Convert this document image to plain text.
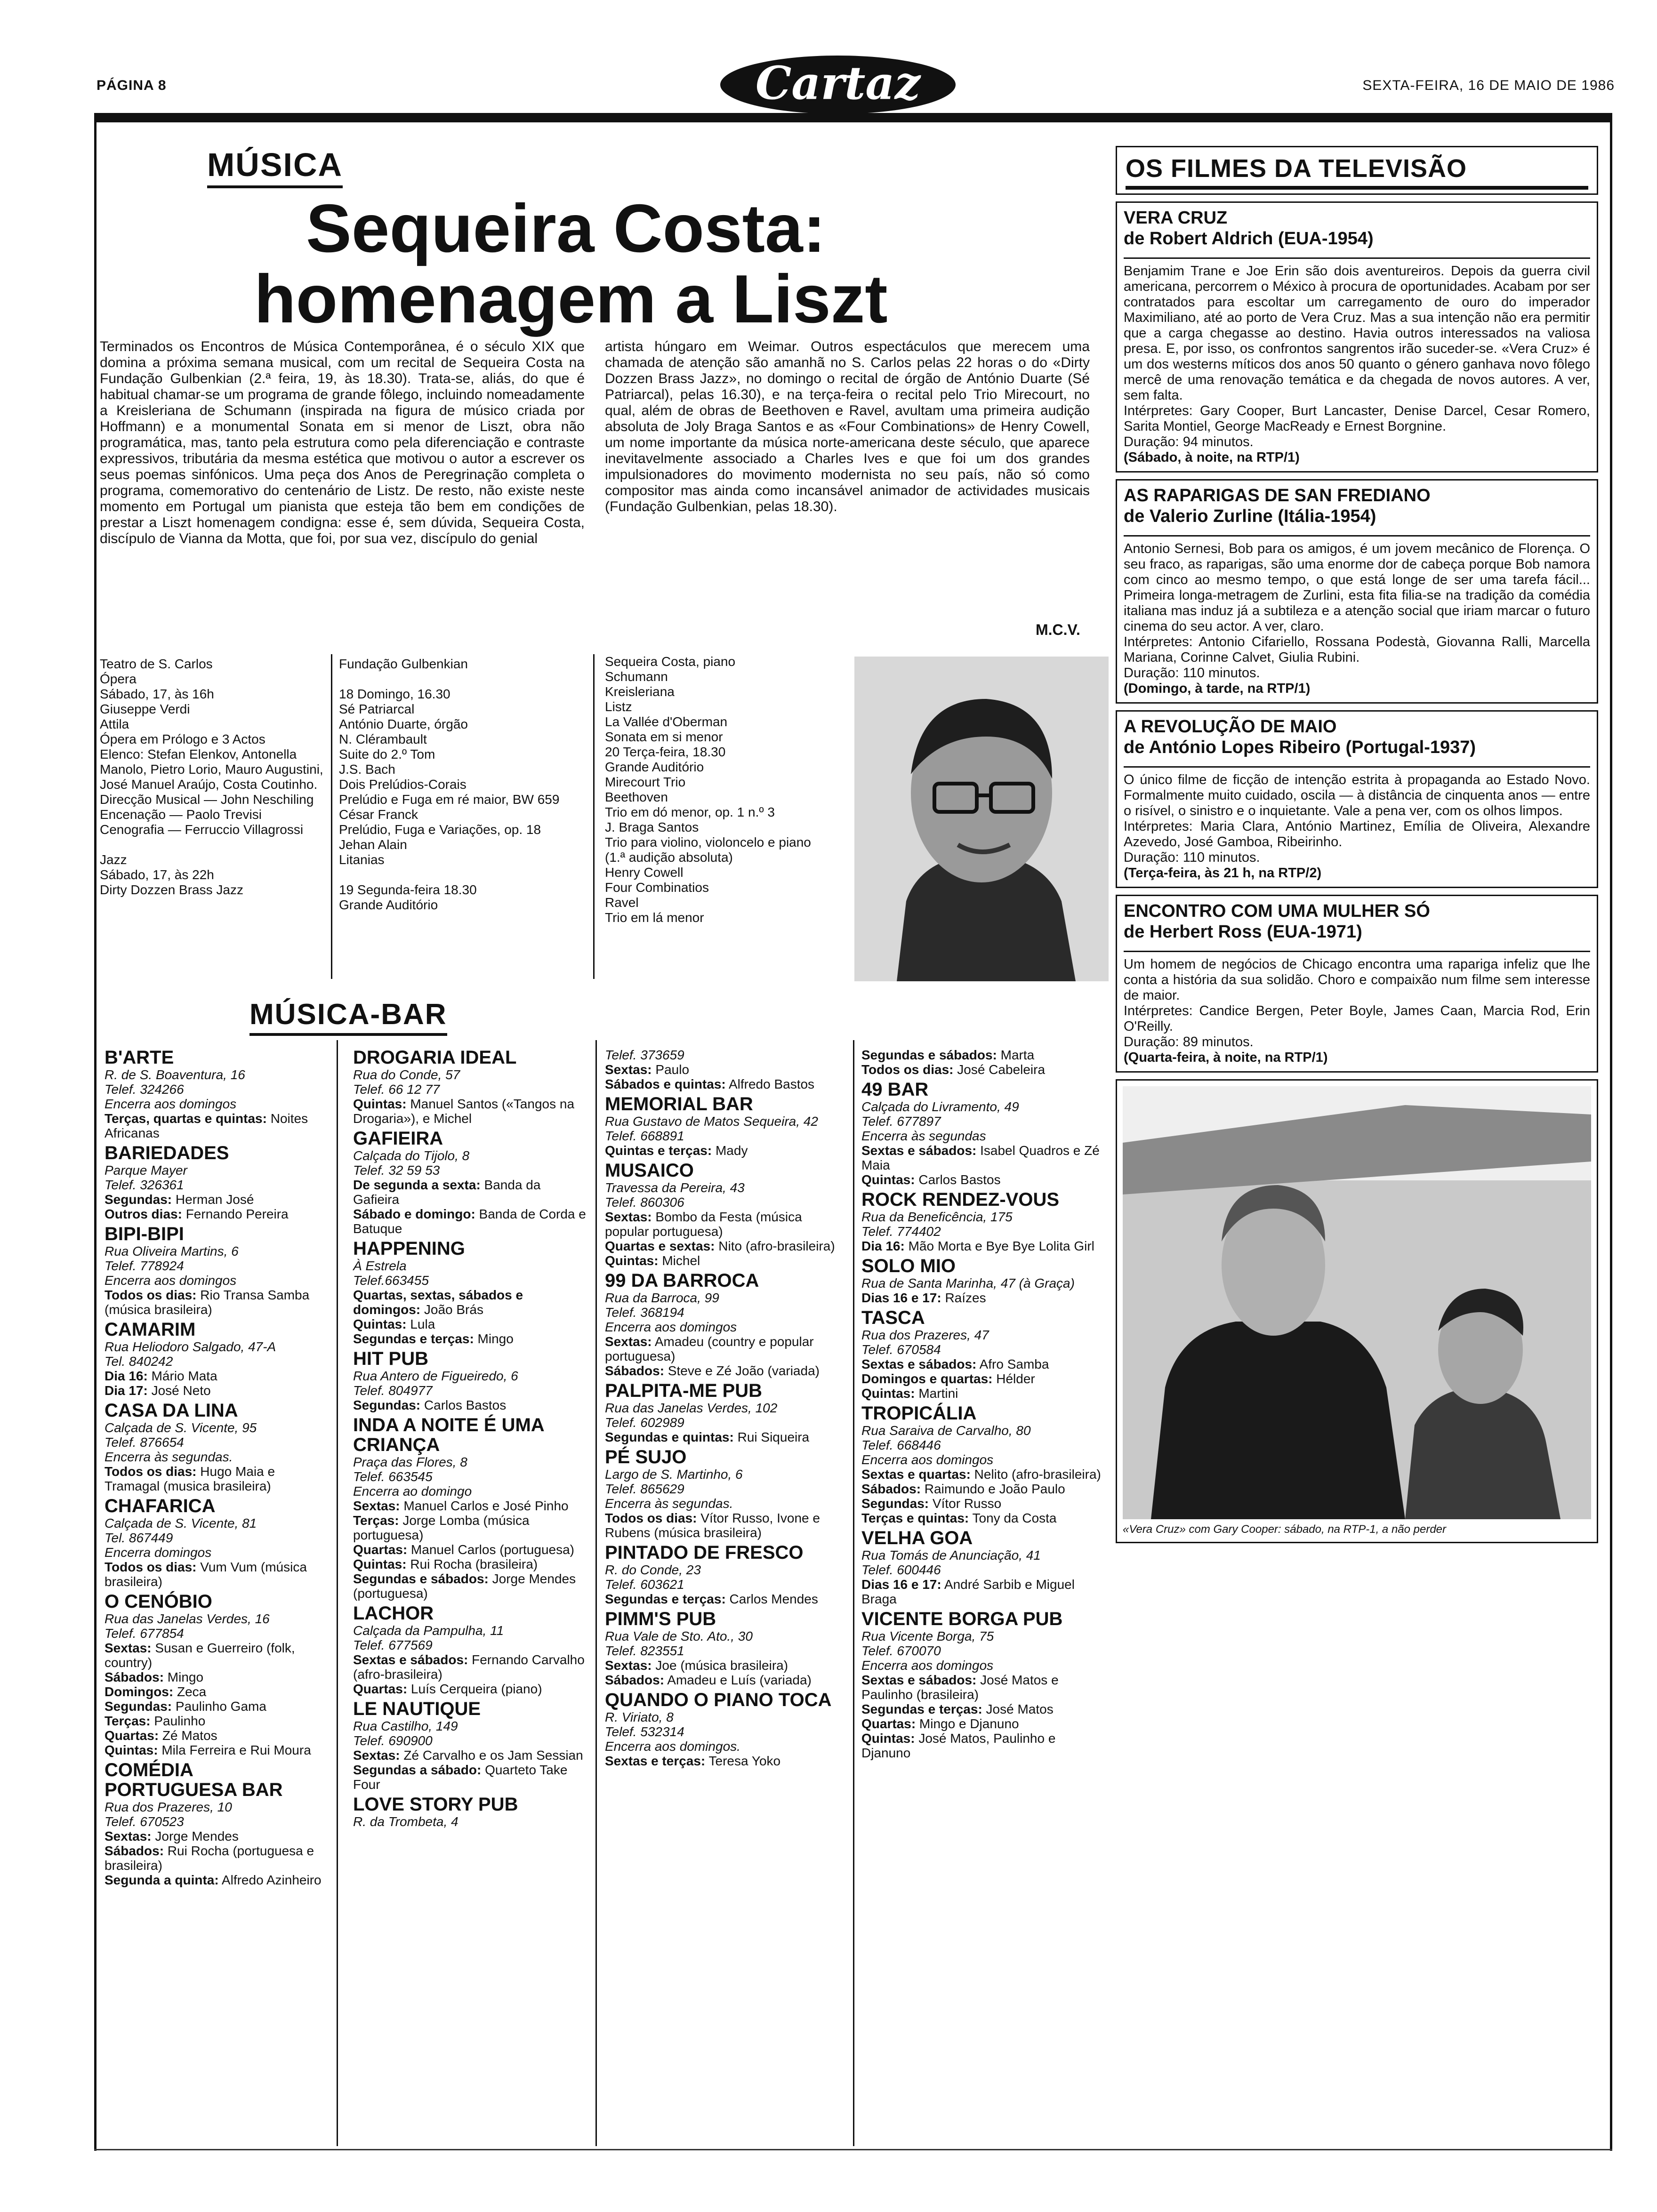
PÁGINA 8	Cartaz	SEXTA-FEIRA, 16 DE MAIO DE 1986
MÚSICA
Sequeira Costa:
homenagem a Liszt
Terminados os Encontros de Música Contemporânea, é o século XIX que domina a próxima semana musical, com um recital de Sequeira Costa na Fundação Gulbenkian (2.ª feira, 19, às 18.30). Trata-se, aliás, do que é habitual chamar-se um programa de grande fôlego, incluindo nomeadamente a Kreisleriana de Schumann (inspirada na figura de músico criada por Hoffmann) e a monumental Sonata em si menor de Liszt, obra não programática, mas, tanto pela estrutura como pela diferenciação e contraste expressivos, tributária da mesma estética que motivou o autor a escrever os seus poemas sinfónicos. Uma peça dos Anos de Peregrinação completa o programa, comemorativo do centenário de Listz. De resto, não existe neste momento em Portugal um pianista que esteja tão bem em condições de prestar a Liszt homenagem condigna: esse é, sem dúvida, Sequeira Costa, discípulo de Vianna da Motta, que foi, por sua vez, discípulo do genial
artista húngaro em Weimar. Outros espectáculos que merecem uma chamada de atenção são amanhã no S. Carlos pelas 22 horas o do «Dirty Dozzen Brass Jazz», no domingo o recital de órgão de António Duarte (Sé Patriarcal), pelas 16.30), e na terça-feira o recital pelo Trio Mirecourt, no qual, além de obras de Beethoven e Ravel, avultam uma primeira audição absoluta de Joly Braga Santos e as «Four Combinations» de Henry Cowell, um nome importante da música norte-americana deste século, que aparece inevitavelmente associado a Charles Ives e que foi um dos grandes impulsionadores do movimento modernista no seu país, não só como compositor mas ainda como incansável animador de actividades musicais (Fundação Gulbenkian, pelas 18.30).
M.C.V.
Teatro de S. Carlos
Ópera
Sábado, 17, às 16h
Giuseppe Verdi
Attila
Ópera em Prólogo e 3 Actos
Elenco: Stefan Elenkov, Antonella Manolo, Pietro Lorio, Mauro Augustini, José Manuel Araújo, Costa Coutinho.
Direcção Musical — John Neschiling
Encenação — Paolo Trevisi
Cenografia — Ferruccio Villagrossi

Jazz
Sábado, 17, às 22h
Dirty Dozzen Brass Jazz
Fundação Gulbenkian

18 Domingo, 16.30
Sé Patriarcal
António Duarte, órgão
N. Clérambault
Suite do 2.º Tom
J.S. Bach
Dois Prelúdios-Corais
Prelúdio e Fuga em ré maior, BW 659
César Franck
Prelúdio, Fuga e Variações, op. 18
Jehan Alain
Litanias

19 Segunda-feira 18.30
Grande Auditório
Sequeira Costa, piano
Schumann
Kreisleriana
Listz
La Vallée d'Oberman
Sonata em si menor
20 Terça-feira, 18.30
Grande Auditório
Mirecourt Trio
Beethoven
Trio em dó menor, op. 1 n.º 3
J. Braga Santos
Trio para violino, violoncelo e piano
(1.ª audição absoluta)
Henry Cowell
Four Combinatios
Ravel
Trio em lá menor
MÚSICA-BAR
B'ARTE
R. de S. Boaventura, 16
Telef. 324266
Encerra aos domingos
Terças, quartas e quintas: Noites Africanas
BARIEDADES
Parque Mayer
Telef. 326361
Segundas: Herman José
Outros dias: Fernando Pereira
BIPI-BIPI
Rua Oliveira Martins, 6
Telef. 778924
Encerra aos domingos
Todos os dias: Rio Transa Samba (música brasileira)
CAMARIM
Rua Heliodoro Salgado, 47-A
Tel. 840242
Dia 16: Mário Mata
Dia 17: José Neto
CASA DA LINA
Calçada de S. Vicente, 95
Telef. 876654
Encerra às segundas.
Todos os dias: Hugo Maia e Tramagal (musica brasileira)
CHAFARICA
Calçada de S. Vicente, 81
Tel. 867449
Encerra domingos
Todos os dias: Vum Vum (música brasileira)
O CENÓBIO
Rua das Janelas Verdes, 16
Telef. 677854
Sextas: Susan e Guerreiro (folk, country)
Sábados: Mingo
Domingos: Zeca
Segundas: Paulinho Gama
Terças: Paulinho
Quartas: Zé Matos
Quintas: Mila Ferreira e Rui Moura
COMÉDIA PORTUGUESA BAR
Rua dos Prazeres, 10
Telef. 670523
Sextas: Jorge Mendes
Sábados: Rui Rocha (portuguesa e brasileira)
Segunda a quinta: Alfredo Azinheiro
DROGARIA IDEAL
Rua do Conde, 57
Telef. 66 12 77
Quintas: Manuel Santos («Tangos na Drogaria»), e Michel
GAFIEIRA
Calçada do Tijolo, 8
Telef. 32 59 53
De segunda a sexta: Banda da Gafieira
Sábado e domingo: Banda de Corda e Batuque
HAPPENING
À Estrela
Telef.663455
Quartas, sextas, sábados e domingos: João Brás
Quintas: Lula
Segundas e terças: Mingo
HIT PUB
Rua Antero de Figueiredo, 6
Telef. 804977
Segundas: Carlos Bastos
INDA A NOITE É UMA CRIANÇA
Praça das Flores, 8
Telef. 663545
Encerra ao domingo
Sextas: Manuel Carlos e José Pinho
Terças: Jorge Lomba (música portuguesa)
Quartas: Manuel Carlos (portuguesa)
Quintas: Rui Rocha (brasileira)
Segundas e sábados: Jorge Mendes (portuguesa)
LACHOR
Calçada da Pampulha, 11
Telef. 677569
Sextas e sábados: Fernando Carvalho (afro-brasileira)
Quartas: Luís Cerqueira (piano)
LE NAUTIQUE
Rua Castilho, 149
Telef. 690900
Sextas: Zé Carvalho e os Jam Sessian
Segundas a sábado: Quarteto Take Four
LOVE STORY PUB
R. da Trombeta, 4
Telef. 373659
Sextas: Paulo
Sábados e quintas: Alfredo Bastos
MEMORIAL BAR
Rua Gustavo de Matos Sequeira, 42
Telef. 668891
Quintas e terças: Mady
MUSAICO
Travessa da Pereira, 43
Telef. 860306
Sextas: Bombo da Festa (música popular portuguesa)
Quartas e sextas: Nito (afro-brasileira)
Quintas: Michel
99 DA BARROCA
Rua da Barroca, 99
Telef. 368194
Encerra aos domingos
Sextas: Amadeu (country e popular portuguesa)
Sábados: Steve e Zé João (variada)
PALPITA-ME PUB
Rua das Janelas Verdes, 102
Telef. 602989
Segundas e quintas: Rui Siqueira
PÉ SUJO
Largo de S. Martinho, 6
Telef. 865629
Encerra às segundas.
Todos os dias: Vítor Russo, Ivone e Rubens (música brasileira)
PINTADO DE FRESCO
R. do Conde, 23
Telef. 603621
Segundas e terças: Carlos Mendes
PIMM'S PUB
Rua Vale de Sto. Ato., 30
Telef. 823551
Sextas: Joe (música brasileira)
Sábados: Amadeu e Luís (variada)
QUANDO O PIANO TOCA
R. Viriato, 8
Telef. 532314
Encerra aos domingos.
Sextas e terças: Teresa Yoko
Segundas e sábados: Marta
Todos os dias: José Cabeleira
49 BAR
Calçada do Livramento, 49
Telef. 677897
Encerra às segundas
Sextas e sábados: Isabel Quadros e Zé Maia
Quintas: Carlos Bastos
ROCK RENDEZ-VOUS
Rua da Beneficência, 175
Telef. 774402
Dia 16: Mão Morta e Bye Bye Lolita Girl
SOLO MIO
Rua de Santa Marinha, 47 (à Graça)
Dias 16 e 17: Raízes
TASCA
Rua dos Prazeres, 47
Telef. 670584
Sextas e sábados: Afro Samba
Domingos e quartas: Hélder
Quintas: Martini
TROPICÁLIA
Rua Saraiva de Carvalho, 80
Telef. 668446
Encerra aos domingos
Sextas e quartas: Nelito (afro-brasileira)
Sábados: Raimundo e João Paulo
Segundas: Vítor Russo
Terças e quintas: Tony da Costa
VELHA GOA
Rua Tomás de Anunciação, 41
Telef. 600446
Dias 16 e 17: André Sarbib e Miguel Braga
VICENTE BORGA PUB
Rua Vicente Borga, 75
Telef. 670070
Encerra aos domingos
Sextas e sábados: José Matos e Paulinho (brasileira)
Segundas e terças: José Matos
Quartas: Mingo e Djanuno
Quintas: José Matos, Paulinho e Djanuno
OS FILMES DA TELEVISÃO
VERA CRUZ
de Robert Aldrich (EUA-1954)
Benjamim Trane e Joe Erin são dois aventureiros. Depois da guerra civil americana, percorrem o México à procura de oportunidades. Acabam por ser contratados para escoltar um carregamento de ouro do imperador Maximiliano, até ao porto de Vera Cruz. Mas a sua intenção não era permitir que a carga chegasse ao destino. Havia outros interessados na valiosa presa. E, por isso, os confrontos sangrentos irão suceder-se. «Vera Cruz» é um dos westerns míticos dos anos 50 quanto o género ganhava novo fôlego mercê de uma renovação temática e da chegada de novos autores. A ver, sem falta.
Intérpretes: Gary Cooper, Burt Lancaster, Denise Darcel, Cesar Romero, Sarita Montiel, George MacReady e Ernest Borgnine.
Duração: 94 minutos.
(Sábado, à noite, na RTP/1)
AS RAPARIGAS DE SAN FREDIANO
de Valerio Zurline (Itália-1954)
Antonio Sernesi, Bob para os amigos, é um jovem mecânico de Florença. O seu fraco, as raparigas, são uma enorme dor de cabeça porque Bob namora com cinco ao mesmo tempo, o que está longe de ser uma tarefa fácil... Primeira longa-metragem de Zurlini, esta fita filia-se na tradição da comédia italiana mas induz já a subtileza e a atenção social que iriam marcar o futuro cinema do seu actor. A ver, claro.
Intérpretes: Antonio Cifariello, Rossana Podestà, Giovanna Ralli, Marcella Mariana, Corinne Calvet, Giulia Rubini.
Duração: 110 minutos.
(Domingo, à tarde, na RTP/1)
A REVOLUÇÃO DE MAIO
de António Lopes Ribeiro (Portugal-1937)
O único filme de ficção de intenção estrita à propaganda ao Estado Novo. Formalmente muito cuidado, oscila — à distância de cinquenta anos — entre o risível, o sinistro e o inquietante. Vale a pena ver, com os olhos limpos.
Intérpretes: Maria Clara, António Martinez, Emília de Oliveira, Alexandre Azevedo, José Gamboa, Ribeirinho.
Duração: 110 minutos.
(Terça-feira, às 21 h, na RTP/2)
ENCONTRO COM UMA MULHER SÓ
de Herbert Ross (EUA-1971)
Um homem de negócios de Chicago encontra uma rapariga infeliz que lhe conta a história da sua solidão. Choro e compaixão num filme sem interesse de maior.
Intérpretes: Candice Bergen, Peter Boyle, James Caan, Marcia Rod, Erin O'Reilly.
Duração: 89 minutos.
(Quarta-feira, à noite, na RTP/1)
«Vera Cruz» com Gary Cooper: sábado, na RTP-1, a não perder
